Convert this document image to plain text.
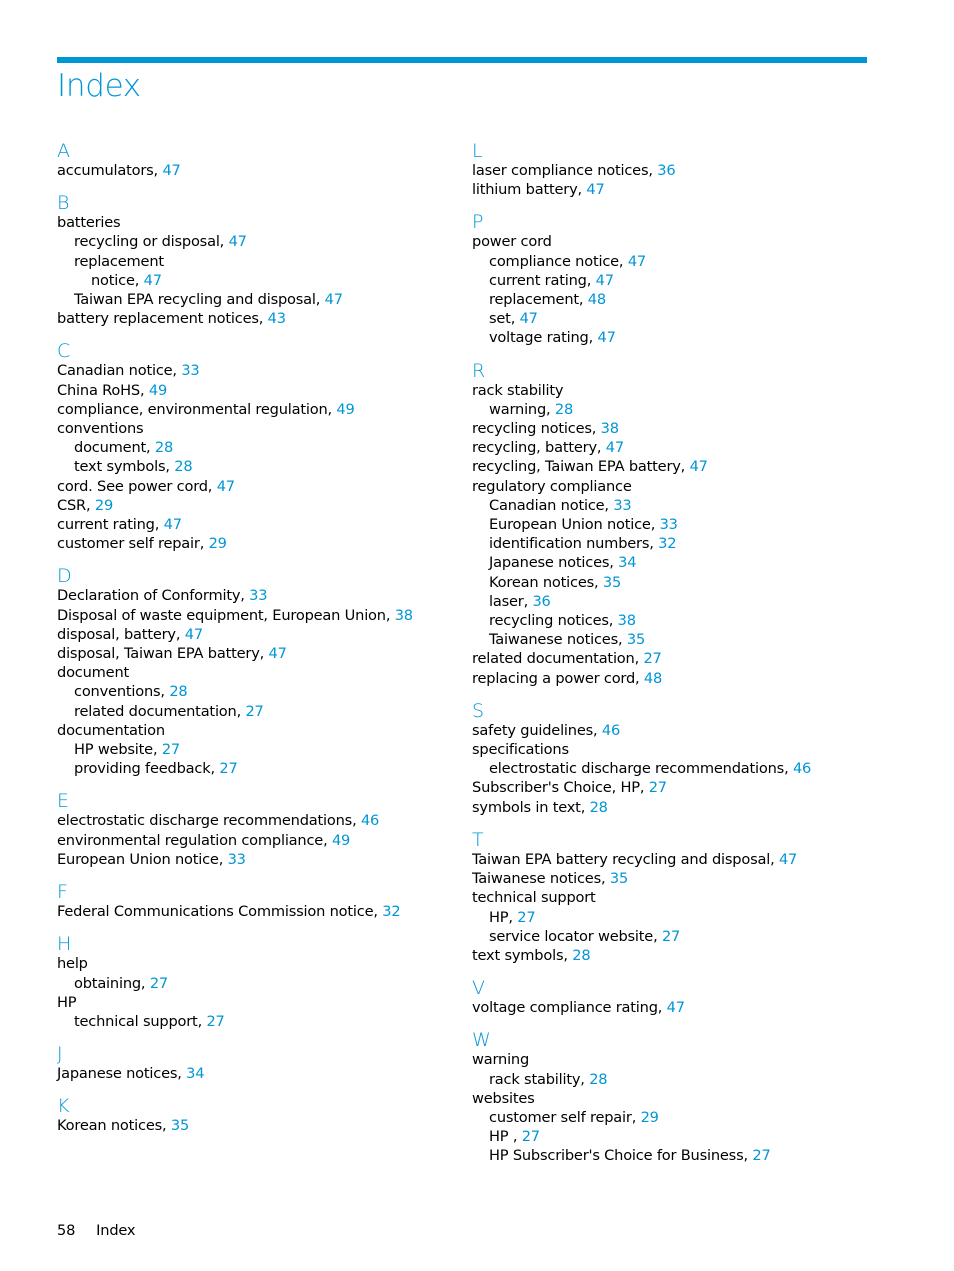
Index
A
accumulators, 47
B
batteries
recycling or disposal, 47
replacement
notice, 47
Taiwan EPA recycling and disposal, 47
battery replacement notices, 43
C
Canadian notice, 33
China RoHS, 49
compliance, environmental regulation, 49
conventions
document, 28
text symbols, 28
cord. See power cord, 47
CSR, 29
current rating, 47
customer self repair, 29
D
Declaration of Conformity, 33
Disposal of waste equipment, European Union, 38
disposal, battery, 47
disposal, Taiwan EPA battery, 47
document
conventions, 28
related documentation, 27
documentation
HP website, 27
providing feedback, 27
E
electrostatic discharge recommendations, 46
environmental regulation compliance, 49
European Union notice, 33
F
Federal Communications Commission notice, 32
H
help
obtaining, 27
HP
technical support, 27
J
Japanese notices, 34
K
Korean notices, 35
L
laser compliance notices, 36
lithium battery, 47
P
power cord
compliance notice, 47
current rating, 47
replacement, 48
set, 47
voltage rating, 47
R
rack stability
warning, 28
recycling notices, 38
recycling, battery, 47
recycling, Taiwan EPA battery, 47
regulatory compliance
Canadian notice, 33
European Union notice, 33
identification numbers, 32
Japanese notices, 34
Korean notices, 35
laser, 36
recycling notices, 38
Taiwanese notices, 35
related documentation, 27
replacing a power cord, 48
S
safety guidelines, 46
specifications
electrostatic discharge recommendations, 46
Subscriber's Choice, HP, 27
symbols in text, 28
T
Taiwan EPA battery recycling and disposal, 47
Taiwanese notices, 35
technical support
HP, 27
service locator website, 27
text symbols, 28
V
voltage compliance rating, 47
W
warning
rack stability, 28
websites
customer self repair, 29
HP , 27
HP Subscriber's Choice for Business, 27
58 Index
